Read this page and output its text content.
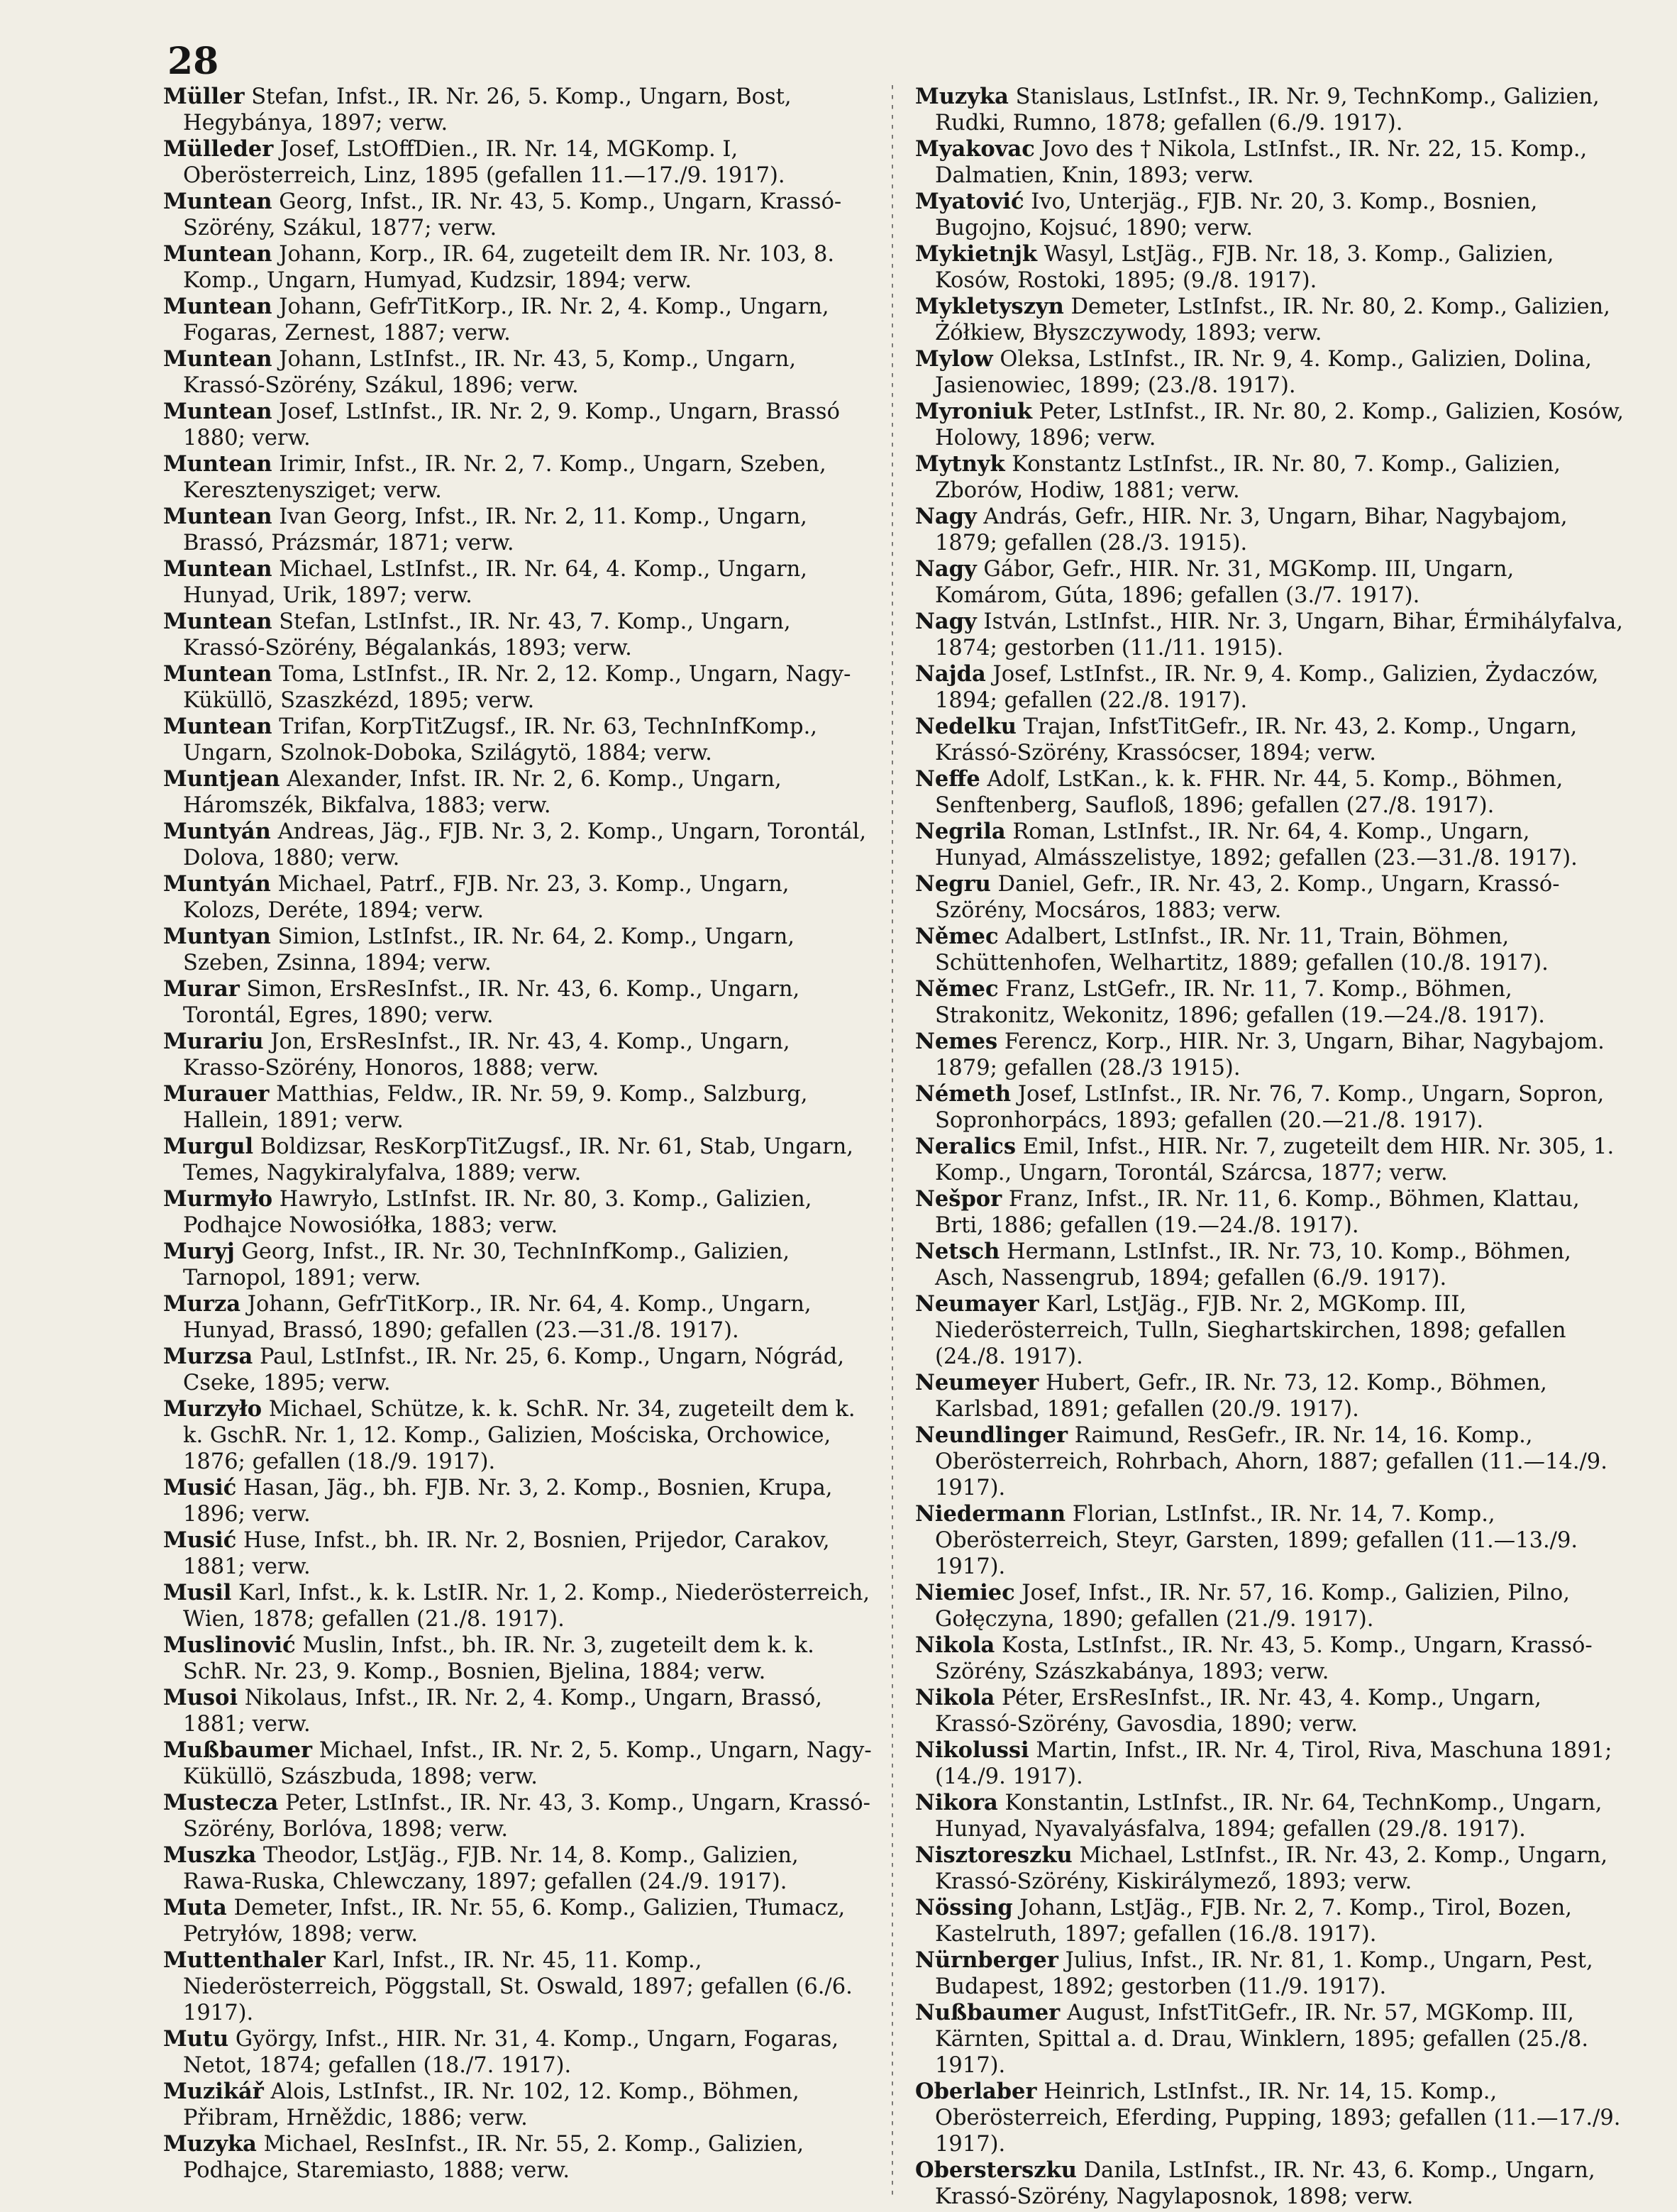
28
Müller Stefan, Infst., IR. Nr. 26, 5. Komp., Ungarn, Bost, Hegybánya, 1897; verw.
Mülleder Josef, LstOffDien., IR. Nr. 14, MGKomp. I, Oberösterreich, Linz, 1895 (gefallen 11.—17./9. 1917).
Muntean Georg, Infst., IR. Nr. 43, 5. Komp., Ungarn, Krassó-Szörény, Szákul, 1877; verw.
Muntean Johann, Korp., IR. 64, zugeteilt dem IR. Nr. 103, 8. Komp., Ungarn, Humyad, Kudzsir, 1894; verw.
Muntean Johann, GefrTitKorp., IR. Nr. 2, 4. Komp., Ungarn, Fogaras, Zernest, 1887; verw.
Muntean Johann, LstInfst., IR. Nr. 43, 5, Komp., Ungarn, Krassó-Szörény, Szákul, 1896; verw.
Muntean Josef, LstInfst., IR. Nr. 2, 9. Komp., Ungarn, Brassó 1880; verw.
Muntean Irimir, Infst., IR. Nr. 2, 7. Komp., Ungarn, Szeben, Keresztenysziget; verw.
Muntean Ivan Georg, Infst., IR. Nr. 2, 11. Komp., Ungarn, Brassó, Prázsmár, 1871; verw.
Muntean Michael, LstInfst., IR. Nr. 64, 4. Komp., Ungarn, Hunyad, Urik, 1897; verw.
Muntean Stefan, LstInfst., IR. Nr. 43, 7. Komp., Ungarn, Krassó-Szörény, Bégalankás, 1893; verw.
Muntean Toma, LstInfst., IR. Nr. 2, 12. Komp., Ungarn, Nagy-Küküllö, Szaszkézd, 1895; verw.
Muntean Trifan, KorpTitZugsf., IR. Nr. 63, TechnInfKomp., Ungarn, Szolnok-Doboka, Szilágytö, 1884; verw.
Muntjean Alexander, Infst. IR. Nr. 2, 6. Komp., Ungarn, Háromszék, Bikfalva, 1883; verw.
Muntyán Andreas, Jäg., FJB. Nr. 3, 2. Komp., Ungarn, Torontál, Dolova, 1880; verw.
Muntyán Michael, Patrf., FJB. Nr. 23, 3. Komp., Ungarn, Kolozs, Deréte, 1894; verw.
Muntyan Simion, LstInfst., IR. Nr. 64, 2. Komp., Ungarn, Szeben, Zsinna, 1894; verw.
Murar Simon, ErsResInfst., IR. Nr. 43, 6. Komp., Ungarn, Torontál, Egres, 1890; verw.
Murariu Jon, ErsResInfst., IR. Nr. 43, 4. Komp., Ungarn, Krasso-Szörény, Honoros, 1888; verw.
Murauer Matthias, Feldw., IR. Nr. 59, 9. Komp., Salzburg, Hallein, 1891; verw.
Murgul Boldizsar, ResKorpTitZugsf., IR. Nr. 61, Stab, Ungarn, Temes, Nagykiralyfalva, 1889; verw.
Murmyło Hawryło, LstInfst. IR. Nr. 80, 3. Komp., Galizien, Podhajce Nowosiółka, 1883; verw.
Muryj Georg, Infst., IR. Nr. 30, TechnInfKomp., Galizien, Tarnopol, 1891; verw.
Murza Johann, GefrTitKorp., IR. Nr. 64, 4. Komp., Ungarn, Hunyad, Brassó, 1890; gefallen (23.—31./8. 1917).
Murzsa Paul, LstInfst., IR. Nr. 25, 6. Komp., Ungarn, Nógrád, Cseke, 1895; verw.
Murzyło Michael, Schütze, k. k. SchR. Nr. 34, zugeteilt dem k. k. GschR. Nr. 1, 12. Komp., Galizien, Mościska, Orchowice, 1876; gefallen (18./9. 1917).
Musić Hasan, Jäg., bh. FJB. Nr. 3, 2. Komp., Bosnien, Krupa, 1896; verw.
Musić Huse, Infst., bh. IR. Nr. 2, Bosnien, Prijedor, Carakov, 1881; verw.
Musil Karl, Infst., k. k. LstIR. Nr. 1, 2. Komp., Niederösterreich, Wien, 1878; gefallen (21./8. 1917).
Muslinović Muslin, Infst., bh. IR. Nr. 3, zugeteilt dem k. k. SchR. Nr. 23, 9. Komp., Bosnien, Bjelina, 1884; verw.
Musoi Nikolaus, Infst., IR. Nr. 2, 4. Komp., Ungarn, Brassó, 1881; verw.
Mußbaumer Michael, Infst., IR. Nr. 2, 5. Komp., Ungarn, Nagy-Küküllö, Szászbuda, 1898; verw.
Mustecza Peter, LstInfst., IR. Nr. 43, 3. Komp., Ungarn, Krassó-Szörény, Borlóva, 1898; verw.
Muszka Theodor, LstJäg., FJB. Nr. 14, 8. Komp., Galizien, Rawa-Ruska, Chlewczany, 1897; gefallen (24./9. 1917).
Muta Demeter, Infst., IR. Nr. 55, 6. Komp., Galizien, Tłumacz, Petryłów, 1898; verw.
Muttenthaler Karl, Infst., IR. Nr. 45, 11. Komp., Niederösterreich, Pöggstall, St. Oswald, 1897; gefallen (6./6. 1917).
Mutu György, Infst., HIR. Nr. 31, 4. Komp., Ungarn, Fogaras, Netot, 1874; gefallen (18./7. 1917).
Muzikář Alois, LstInfst., IR. Nr. 102, 12. Komp., Böhmen, Přibram, Hrněždic, 1886; verw.
Muzyka Michael, ResInfst., IR. Nr. 55, 2. Komp., Galizien, Podhajce, Staremiasto, 1888; verw.
Muzyka Stanislaus, LstInfst., IR. Nr. 9, TechnKomp., Galizien, Rudki, Rumno, 1878; gefallen (6./9. 1917).
Myakovac Jovo des † Nikola, LstInfst., IR. Nr. 22, 15. Komp., Dalmatien, Knin, 1893; verw.
Myatović Ivo, Unterjäg., FJB. Nr. 20, 3. Komp., Bosnien, Bugojno, Kojsuć, 1890; verw.
Mykietnjk Wasyl, LstJäg., FJB. Nr. 18, 3. Komp., Galizien, Kosów, Rostoki, 1895; (9./8. 1917).
Mykletyszyn Demeter, LstInfst., IR. Nr. 80, 2. Komp., Galizien, Żółkiew, Błyszczywody, 1893; verw.
Mylow Oleksa, LstInfst., IR. Nr. 9, 4. Komp., Galizien, Dolina, Jasienowiec, 1899; (23./8. 1917).
Myroniuk Peter, LstInfst., IR. Nr. 80, 2. Komp., Galizien, Kosów, Holowy, 1896; verw.
Mytnyk Konstantz LstInfst., IR. Nr. 80, 7. Komp., Galizien, Zborów, Hodiw, 1881; verw.
Nagy András, Gefr., HIR. Nr. 3, Ungarn, Bihar, Nagybajom, 1879; gefallen (28./3. 1915).
Nagy Gábor, Gefr., HIR. Nr. 31, MGKomp. III, Ungarn, Komárom, Gúta, 1896; gefallen (3./7. 1917).
Nagy István, LstInfst., HIR. Nr. 3, Ungarn, Bihar, Érmihályfalva, 1874; gestorben (11./11. 1915).
Najda Josef, LstInfst., IR. Nr. 9, 4. Komp., Galizien, Żydaczów, 1894; gefallen (22./8. 1917).
Nedelku Trajan, InfstTitGefr., IR. Nr. 43, 2. Komp., Ungarn, Krássó-Szörény, Krassócser, 1894; verw.
Neffe Adolf, LstKan., k. k. FHR. Nr. 44, 5. Komp., Böhmen, Senftenberg, Saufloß, 1896; gefallen (27./8. 1917).
Negrila Roman, LstInfst., IR. Nr. 64, 4. Komp., Ungarn, Hunyad, Almásszelistye, 1892; gefallen (23.—31./8. 1917).
Negru Daniel, Gefr., IR. Nr. 43, 2. Komp., Ungarn, Krassó-Szörény, Mocsáros, 1883; verw.
Němec Adalbert, LstInfst., IR. Nr. 11, Train, Böhmen, Schüttenhofen, Welhartitz, 1889; gefallen (10./8. 1917).
Němec Franz, LstGefr., IR. Nr. 11, 7. Komp., Böhmen, Strakonitz, Wekonitz, 1896; gefallen (19.—24./8. 1917).
Nemes Ferencz, Korp., HIR. Nr. 3, Ungarn, Bihar, Nagybajom. 1879; gefallen (28./3 1915).
Németh Josef, LstInfst., IR. Nr. 76, 7. Komp., Ungarn, Sopron, Sopronhorpács, 1893; gefallen (20.—21./8. 1917).
Neralics Emil, Infst., HIR. Nr. 7, zugeteilt dem HIR. Nr. 305, 1. Komp., Ungarn, Torontál, Szárcsa, 1877; verw.
Nešpor Franz, Infst., IR. Nr. 11, 6. Komp., Böhmen, Klattau, Brti, 1886; gefallen (19.—24./8. 1917).
Netsch Hermann, LstInfst., IR. Nr. 73, 10. Komp., Böhmen, Asch, Nassengrub, 1894; gefallen (6./9. 1917).
Neumayer Karl, LstJäg., FJB. Nr. 2, MGKomp. III, Niederösterreich, Tulln, Sieghartskirchen, 1898; gefallen (24./8. 1917).
Neumeyer Hubert, Gefr., IR. Nr. 73, 12. Komp., Böhmen, Karlsbad, 1891; gefallen (20./9. 1917).
Neundlinger Raimund, ResGefr., IR. Nr. 14, 16. Komp., Oberösterreich, Rohrbach, Ahorn, 1887; gefallen (11.—14./9. 1917).
Niedermann Florian, LstInfst., IR. Nr. 14, 7. Komp., Oberösterreich, Steyr, Garsten, 1899; gefallen (11.—13./9. 1917).
Niemiec Josef, Infst., IR. Nr. 57, 16. Komp., Galizien, Pilno, Gołęczyna, 1890; gefallen (21./9. 1917).
Nikola Kosta, LstInfst., IR. Nr. 43, 5. Komp., Ungarn, Krassó-Szörény, Szászkabánya, 1893; verw.
Nikola Péter, ErsResInfst., IR. Nr. 43, 4. Komp., Ungarn, Krassó-Szörény, Gavosdia, 1890; verw.
Nikolussi Martin, Infst., IR. Nr. 4, Tirol, Riva, Maschuna 1891; (14./9. 1917).
Nikora Konstantin, LstInfst., IR. Nr. 64, TechnKomp., Ungarn, Hunyad, Nyavalyásfalva, 1894; gefallen (29./8. 1917).
Nisztoreszku Michael, LstInfst., IR. Nr. 43, 2. Komp., Ungarn, Krassó-Szörény, Kiskirálymező, 1893; verw.
Nössing Johann, LstJäg., FJB. Nr. 2, 7. Komp., Tirol, Bozen, Kastelruth, 1897; gefallen (16./8. 1917).
Nürnberger Julius, Infst., IR. Nr. 81, 1. Komp., Ungarn, Pest, Budapest, 1892; gestorben (11./9. 1917).
Nußbaumer August, InfstTitGefr., IR. Nr. 57, MGKomp. III, Kärnten, Spittal a. d. Drau, Winklern, 1895; gefallen (25./8. 1917).
Oberlaber Heinrich, LstInfst., IR. Nr. 14, 15. Komp., Oberösterreich, Eferding, Pupping, 1893; gefallen (11.—17./9. 1917).
Obersterszku Danila, LstInfst., IR. Nr. 43, 6. Komp., Ungarn, Krassó-Szörény, Nagylaposnok, 1898; verw.
